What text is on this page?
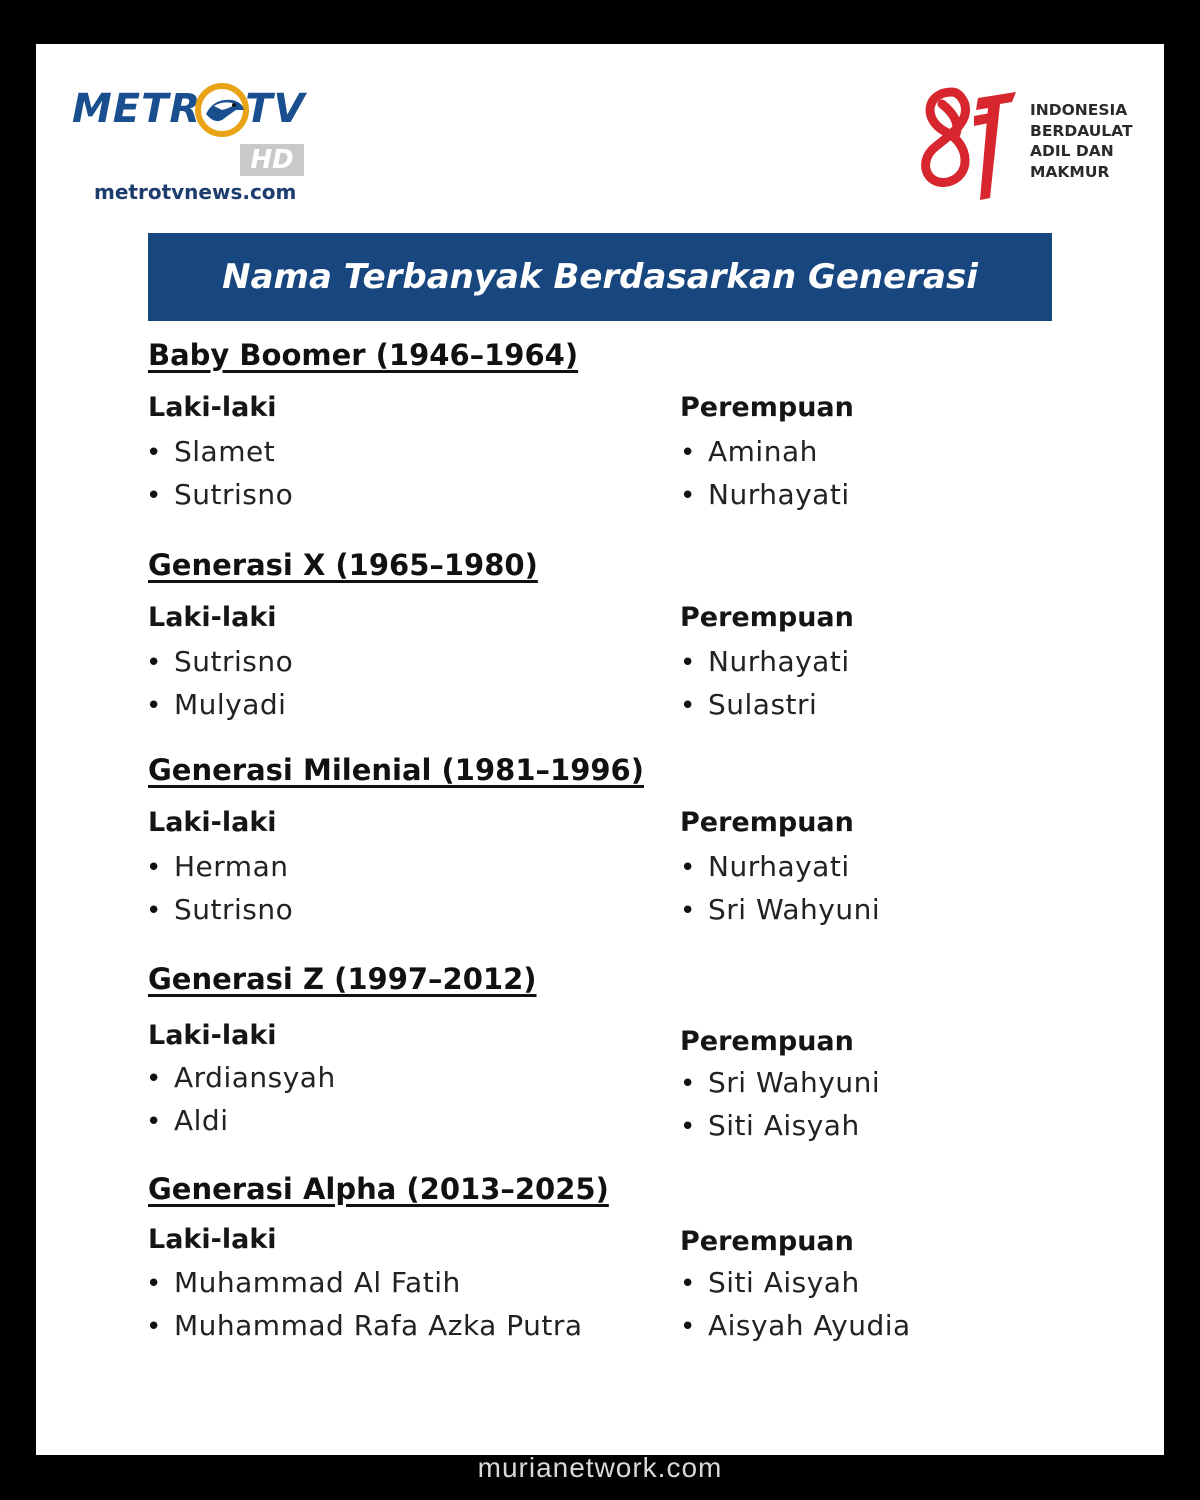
METR TV
HD
metrotvnews.com
INDONESIA
BERDAULAT
ADIL DAN
MAKMUR
Nama Terbanyak Berdasarkan Generasi
Baby Boomer (1946–1964)
Laki-laki	Perempuan
• Slamet
• Sutrisno
• Aminah
• Nurhayati
Generasi X (1965–1980)
Laki-laki	Perempuan
• Sutrisno
• Mulyadi
• Nurhayati
• Sulastri
Generasi Milenial (1981–1996)
Laki-laki	Perempuan
• Herman
• Sutrisno
• Nurhayati
• Sri Wahyuni
Generasi Z (1997–2012)
Laki-laki	Perempuan
• Ardiansyah
• Aldi
• Sri Wahyuni
• Siti Aisyah
Generasi Alpha (2013–2025)
Laki-laki	Perempuan
• Muhammad Al Fatih
• Muhammad Rafa Azka Putra
• Siti Aisyah
• Aisyah Ayudia
murianetwork.com
